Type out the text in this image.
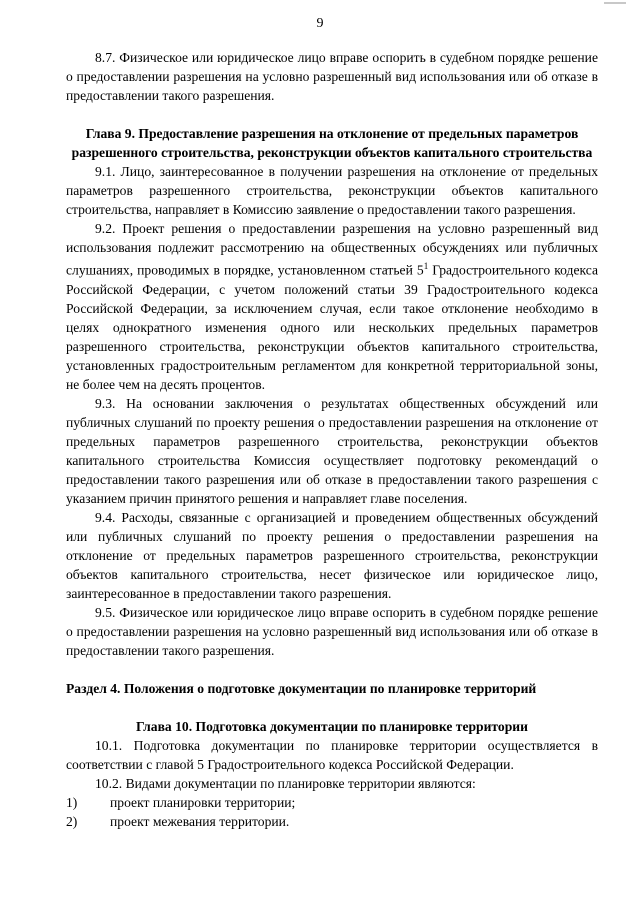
9

8.7. Физическое или юридическое лицо вправе оспорить в судебном порядке решение о предоставлении разрешения на условно разрешенный вид использования или об отказе в предоставлении такого разрешения.

Глава 9. Предоставление разрешения на отклонение от предельных параметров разрешенного строительства, реконструкции объектов капитального строительства

9.1. Лицо, заинтересованное в получении разрешения на отклонение от предельных параметров разрешенного строительства, реконструкции объектов капитального строительства, направляет в Комиссию заявление о предоставлении такого разрешения.

9.2. Проект решения о предоставлении разрешения на условно разрешенный вид использования подлежит рассмотрению на общественных обсуждениях или публичных слушаниях, проводимых в порядке, установленном статьей $5^1$ Градостроительного кодекса Российской Федерации, с учетом положений статьи 39 Градостроительного кодекса Российской Федерации, за исключением случая, если такое отклонение необходимо в целях однократного изменения одного или нескольких предельных параметров разрешенного строительства, реконструкции объектов капитального строительства, установленных градостроительным регламентом для конкретной территориальной зоны, не более чем на десять процентов.

9.3. На основании заключения о результатах общественных обсуждений или публичных слушаний по проекту решения о предоставлении разрешения на отклонение от предельных параметров разрешенного строительства, реконструкции объектов капитального строительства Комиссия осуществляет подготовку рекомендаций о предоставлении такого разрешения или об отказе в предоставлении такого разрешения с указанием причин принятого решения и направляет главе поселения.

9.4. Расходы, связанные с организацией и проведением общественных обсуждений или публичных слушаний по проекту решения о предоставлении разрешения на отклонение от предельных параметров разрешенного строительства, реконструкции объектов капитального строительства, несет физическое или юридическое лицо, заинтересованное в предоставлении такого разрешения.

9.5. Физическое или юридическое лицо вправе оспорить в судебном порядке решение о предоставлении разрешения на условно разрешенный вид использования или об отказе в предоставлении такого разрешения.

Раздел 4. Положения о подготовке документации по планировке территорий
Глава 10. Подготовка документации по планировке территории

10.1. Подготовка документации по планировке территории осуществляется в соответствии с главой 5 Градостроительного кодекса Российской Федерации.

10.2. Видами документации по планировке территории являются:

1)	проект планировки территории;

2)	проект межевания территории.
